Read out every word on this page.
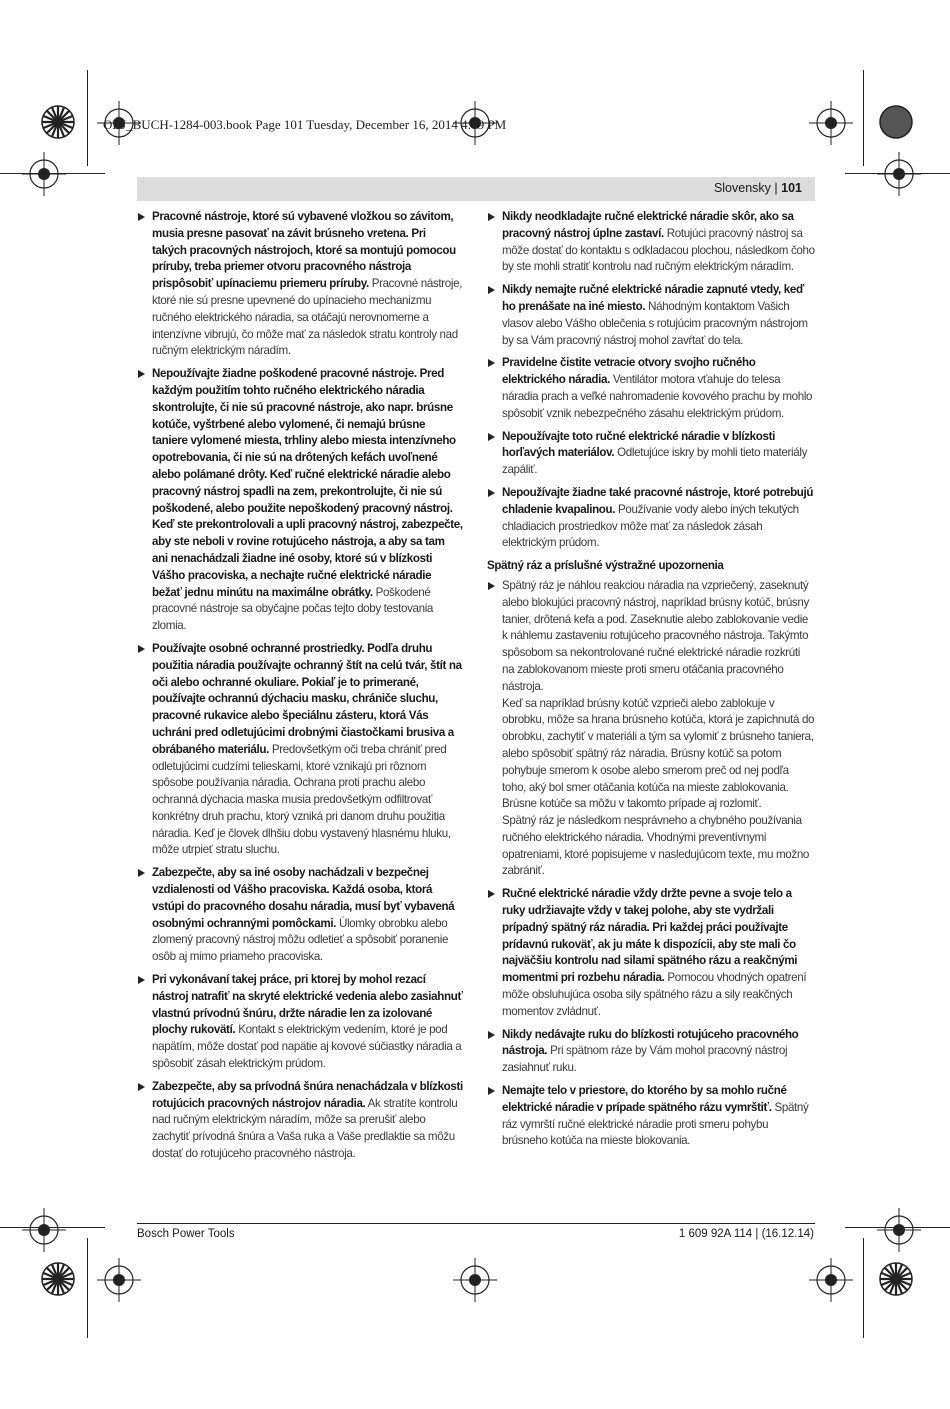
OBJ_BUCH-1284-003.book Page 101 Tuesday, December 16, 2014 4:09 PM
Slovensky | 101
Pracovné nástroje, ktoré sú vybavené vložkou so závitom, musia presne pasovať na závit brúsneho vretena. Pri takých pracovných nástrojoch, ktoré sa montujú pomocou príruby, treba priemer otvoru pracovného nástroja prispôsobiť upínaciemu priemeru príruby. Pracovné nástroje, ktoré nie sú presne upevnené do upínacieho mechanizmu ručného elektrického náradia, sa otáčajú nerovnomerne a intenzívne vibrujú, čo môže mať za následok stratu kontroly nad ručným elektrickým náradím.
Nepoužívajte žiadne poškodené pracovné nástroje. Pred každým použitím tohto ručného elektrického náradia skontrolujte, či nie sú pracovné nástroje, ako napr. brúsne kotúče, vyštrbené alebo vylomené, či nemajú brúsne taniere vylomené miesta, trhliny alebo miesta intenzívneho opotrebovania, či nie sú na drôtených kefách uvoľnené alebo polámané drôty. Keď ručné elektrické náradie alebo pracovný nástroj spadli na zem, prekontrolujte, či nie sú poškodené, alebo použite nepoškodený pracovný nástroj. Keď ste prekontrolovali a upli pracovný nástroj, zabezpečte, aby ste neboli v rovine rotujúceho nástroja, a aby sa tam ani nenachádzali žiadne iné osoby, ktoré sú v blízkosti Vášho pracoviska, a nechajte ručné elektrické náradie bežať jednu minútu na maximálne obrátky. Poškodené pracovné nástroje sa obyčajne počas tejto doby testovania zlomia.
Používajte osobné ochranné prostriedky. Podľa druhu použitia náradia používajte ochranný štít na celú tvár, štít na oči alebo ochranné okuliare. Pokiaľ je to primerané, používajte ochrannú dýchaciu masku, chrániče sluchu, pracovné rukavice alebo špeciálnu zásteru, ktorá Vás uchráni pred odletujúcimi drobnými čiastočkami brusiva a obrábaného materiálu. Predovšetkým oči treba chrániť pred odletujúcimi cudzími telieskami, ktoré vznikajú pri rôznom spôsobe používania náradia. Ochrana proti prachu alebo ochranná dýchacia maska musia predovšetkým odfiltrovať konkrétny druh prachu, ktorý vzniká pri danom druhu použitia náradia. Keď je človek dlhšiu dobu vystavený hlasnému hluku, môže utrpieť stratu sluchu.
Zabezpečte, aby sa iné osoby nachádzali v bezpečnej vzdialenosti od Vášho pracoviska. Každá osoba, ktorá vstúpi do pracovného dosahu náradia, musí byť vybavená osobnými ochrannými pomôckami. Úlomky obrobku alebo zlomený pracovný nástroj môžu odletieť a spôsobiť poranenie osôb aj mimo priameho pracoviska.
Pri vykonávaní takej práce, pri ktorej by mohol rezací nástroj natrafiť na skryté elektrické vedenia alebo zasiahnuť vlastnú prívodnú šnúru, držte náradie len za izolované plochy rukovätí. Kontakt s elektrickým vedením, ktoré je pod napätím, môže dostať pod napätie aj kovové súčiastky náradia a spôsobiť zásah elektrickým prúdom.
Zabezpečte, aby sa prívodná šnúra nenachádzala v blízkosti rotujúcich pracovných nástrojov náradia. Ak stratíte kontrolu nad ručným elektrickým náradím, môže sa prerušiť alebo zachytiť prívodná šnúra a Vaša ruka a Vaše predlaktie sa môžu dostať do rotujúceho pracovného nástroja.
Nikdy neodkladajte ručné elektrické náradie skôr, ako sa pracovný nástroj úplne zastaví. Rotujúci pracovný nástroj sa môže dostať do kontaktu s odkladacou plochou, následkom čoho by ste mohli stratiť kontrolu nad ručným elektrickým náradím.
Nikdy nemajte ručné elektrické náradie zapnuté vtedy, keď ho prenášate na iné miesto. Náhodným kontaktom Vašich vlasov alebo Vášho oblečenia s rotujúcim pracovným nástrojom by sa Vám pracovný nástroj mohol zavŕtať do tela.
Pravidelne čistite vetracie otvory svojho ručného elektrického náradia. Ventilátor motora vťahuje do telesa náradia prach a veľké nahromadenie kovového prachu by mohlo spôsobiť vznik nebezpečného zásahu elektrickým prúdom.
Nepoužívajte toto ručné elektrické náradie v blízkosti horľavých materiálov. Odletujúce iskry by mohli tieto materiály zapáliť.
Nepoužívajte žiadne také pracovné nástroje, ktoré potrebujú chladenie kvapalinou. Používanie vody alebo iných tekutých chladiacich prostriedkov môže mať za následok zásah elektrickým prúdom.
Spätný ráz a príslušné výstražné upozornenia
Spätný ráz je náhlou reakciou náradia na vzpriečený, zaseknutý alebo blokujúci pracovný nástroj, napríklad brúsny kotúč, brúsny tanier, drôtená kefa a pod. Zaseknutie alebo zablokovanie vedie k náhlemu zastaveniu rotujúceho pracovného nástroja. Takýmto spôsobom sa nekontrolované ručné elektrické náradie rozkrúti na zablokovanom mieste proti smeru otáčania pracovného nástroja.
Keď sa napríklad brúsny kotúč vzprieči alebo zablokuje v obrobku, môže sa hrana brúsneho kotúča, ktorá je zapichnutá do obrobku, zachytiť v materiáli a tým sa vylomiť z brúsneho taniera, alebo spôsobiť spätný ráz náradia. Brúsny kotúč sa potom pohybuje smerom k osobe alebo smerom preč od nej podľa toho, aký bol smer otáčania kotúča na mieste zablokovania. Brúsne kotúče sa môžu v takomto prípade aj rozlomiť.
Spätný ráz je následkom nesprávneho a chybného používania ručného elektrického náradia. Vhodnými preventívnymi opatreniami, ktoré popisujeme v nasledujúcom texte, mu možno zabrániť.
Ručné elektrické náradie vždy držte pevne a svoje telo a ruky udržiavajte vždy v takej polohe, aby ste vydržali prípadný spätný ráz náradia. Pri každej práci používajte prídavnú rukoväť, ak ju máte k dispozícii, aby ste mali čo najväčšiu kontrolu nad silami spätného rázu a reakčnými momentmi pri rozbehu náradia. Pomocou vhodných opatrení môže obsluhujúca osoba sily spätného rázu a sily reakčných momentov zvládnuť.
Nikdy nedávajte ruku do blízkosti rotujúceho pracovného nástroja. Pri spätnom ráze by Vám mohol pracovný nástroj zasiahnuť ruku.
Nemajte telo v priestore, do ktorého by sa mohlo ručné elektrické náradie v prípade spätného rázu vymrštiť. Spätný ráz vymrští ručné elektrické náradie proti smeru pohybu brúsneho kotúča na mieste blokovania.
Bosch Power Tools	1 609 92A 114 | (16.12.14)
